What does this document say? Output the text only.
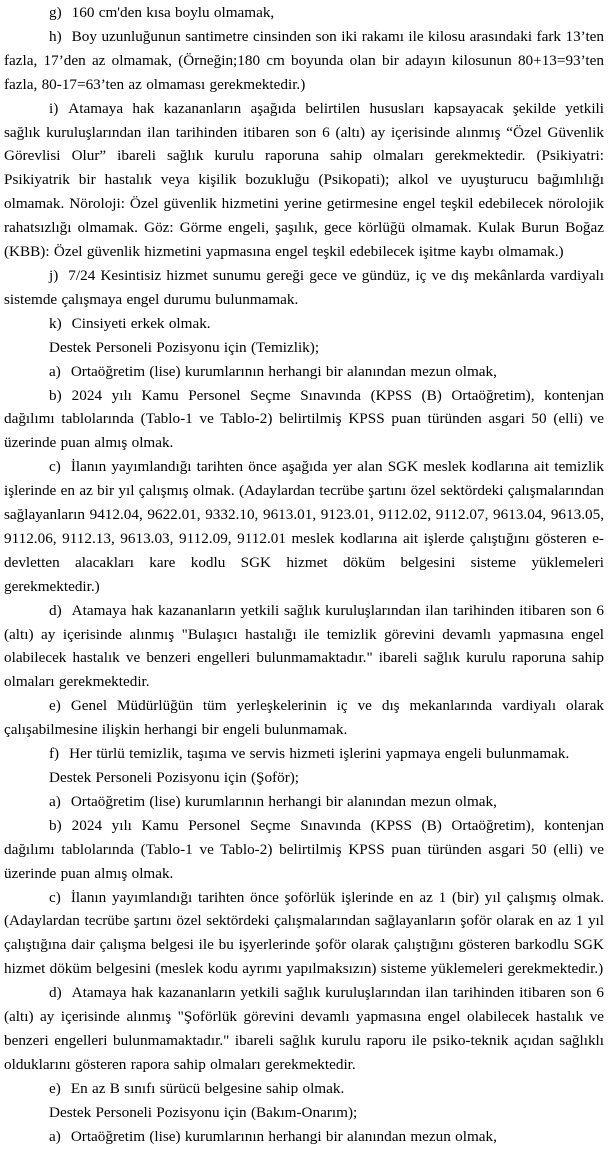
g) 160 cm'den kısa boylu olmamak,

h) Boy uzunluğunun santimetre cinsinden son iki rakamı ile kilosu arasındaki fark 13’ten fazla, 17’den az olmamak, (Örneğin;180 cm boyunda olan bir adayın kilosunun 80+13=93’ten fazla, 80-17=63’ten az olmaması gerekmektedir.)

i) Atamaya hak kazananların aşağıda belirtilen hususları kapsayacak şekilde yetkili sağlık kuruluşlarından ilan tarihinden itibaren son 6 (altı) ay içerisinde alınmış “Özel Güvenlik Görevlisi Olur” ibareli sağlık kurulu raporuna sahip olmaları gerekmektedir. (Psikiyatri: Psikiyatrik bir hastalık veya kişilik bozukluğu (Psikopati); alkol ve uyuşturucu bağımlılığı olmamak. Nöroloji: Özel güvenlik hizmetini yerine getirmesine engel teşkil edebilecek nörolojik rahatsızlığı olmamak. Göz: Görme engeli, şaşılık, gece körlüğü olmamak. Kulak Burun Boğaz (KBB): Özel güvenlik hizmetini yapmasına engel teşkil edebilecek işitme kaybı olmamak.)

j) 7/24 Kesintisiz hizmet sunumu gereği gece ve gündüz, iç ve dış mekânlarda vardiyalı sistemde çalışmaya engel durumu bulunmamak.

k) Cinsiyeti erkek olmak.

Destek Personeli Pozisyonu için (Temizlik);

a) Ortaöğretim (lise) kurumlarının herhangi bir alanından mezun olmak,

b) 2024 yılı Kamu Personel Seçme Sınavında (KPSS (B) Ortaöğretim), kontenjan dağılımı tablolarında (Tablo-1 ve Tablo-2) belirtilmiş KPSS puan türünden asgari 50 (elli) ve üzerinde puan almış olmak.

c) İlanın yayımlandığı tarihten önce aşağıda yer alan SGK meslek kodlarına ait temizlik işlerinde en az bir yıl çalışmış olmak. (Adaylardan tecrübe şartını özel sektördeki çalışmalarından sağlayanların 9412.04, 9622.01, 9332.10, 9613.01, 9123.01, 9112.02, 9112.07, 9613.04, 9613.05, 9112.06, 9112.13, 9613.03, 9112.09, 9112.01 meslek kodlarına ait işlerde çalıştığını gösteren e-devletten alacakları kare kodlu SGK hizmet döküm belgesini sisteme yüklemeleri gerekmektedir.)

d) Atamaya hak kazananların yetkili sağlık kuruluşlarından ilan tarihinden itibaren son 6 (altı) ay içerisinde alınmış "Bulaşıcı hastalığı ile temizlik görevini devamlı yapmasına engel olabilecek hastalık ve benzeri engelleri bulunmamaktadır." ibareli sağlık kurulu raporuna sahip olmaları gerekmektedir.

e) Genel Müdürlüğün tüm yerleşkelerinin iç ve dış mekanlarında vardiyalı olarak çalışabilmesine ilişkin herhangi bir engeli bulunmamak.

f) Her türlü temizlik, taşıma ve servis hizmeti işlerini yapmaya engeli bulunmamak.

Destek Personeli Pozisyonu için (Şoför);

a) Ortaöğretim (lise) kurumlarının herhangi bir alanından mezun olmak,

b) 2024 yılı Kamu Personel Seçme Sınavında (KPSS (B) Ortaöğretim), kontenjan dağılımı tablolarında (Tablo-1 ve Tablo-2) belirtilmiş KPSS puan türünden asgari 50 (elli) ve üzerinde puan almış olmak.

c) İlanın yayımlandığı tarihten önce şoförlük işlerinde en az 1 (bir) yıl çalışmış olmak. (Adaylardan tecrübe şartını özel sektördeki çalışmalarından sağlayanların şoför olarak en az 1 yıl çalıştığına dair çalışma belgesi ile bu işyerlerinde şoför olarak çalıştığını gösteren barkodlu SGK hizmet döküm belgesini (meslek kodu ayrımı yapılmaksızın) sisteme yüklemeleri gerekmektedir.)

d) Atamaya hak kazananların yetkili sağlık kuruluşlarından ilan tarihinden itibaren son 6 (altı) ay içerisinde alınmış "Şoförlük görevini devamlı yapmasına engel olabilecek hastalık ve benzeri engelleri bulunmamaktadır." ibareli sağlık kurulu raporu ile psiko-teknik açıdan sağlıklı olduklarını gösteren rapora sahip olmaları gerekmektedir.

e) En az B sınıfı sürücü belgesine sahip olmak.

Destek Personeli Pozisyonu için (Bakım-Onarım);

a) Ortaöğretim (lise) kurumlarının herhangi bir alanından mezun olmak,
